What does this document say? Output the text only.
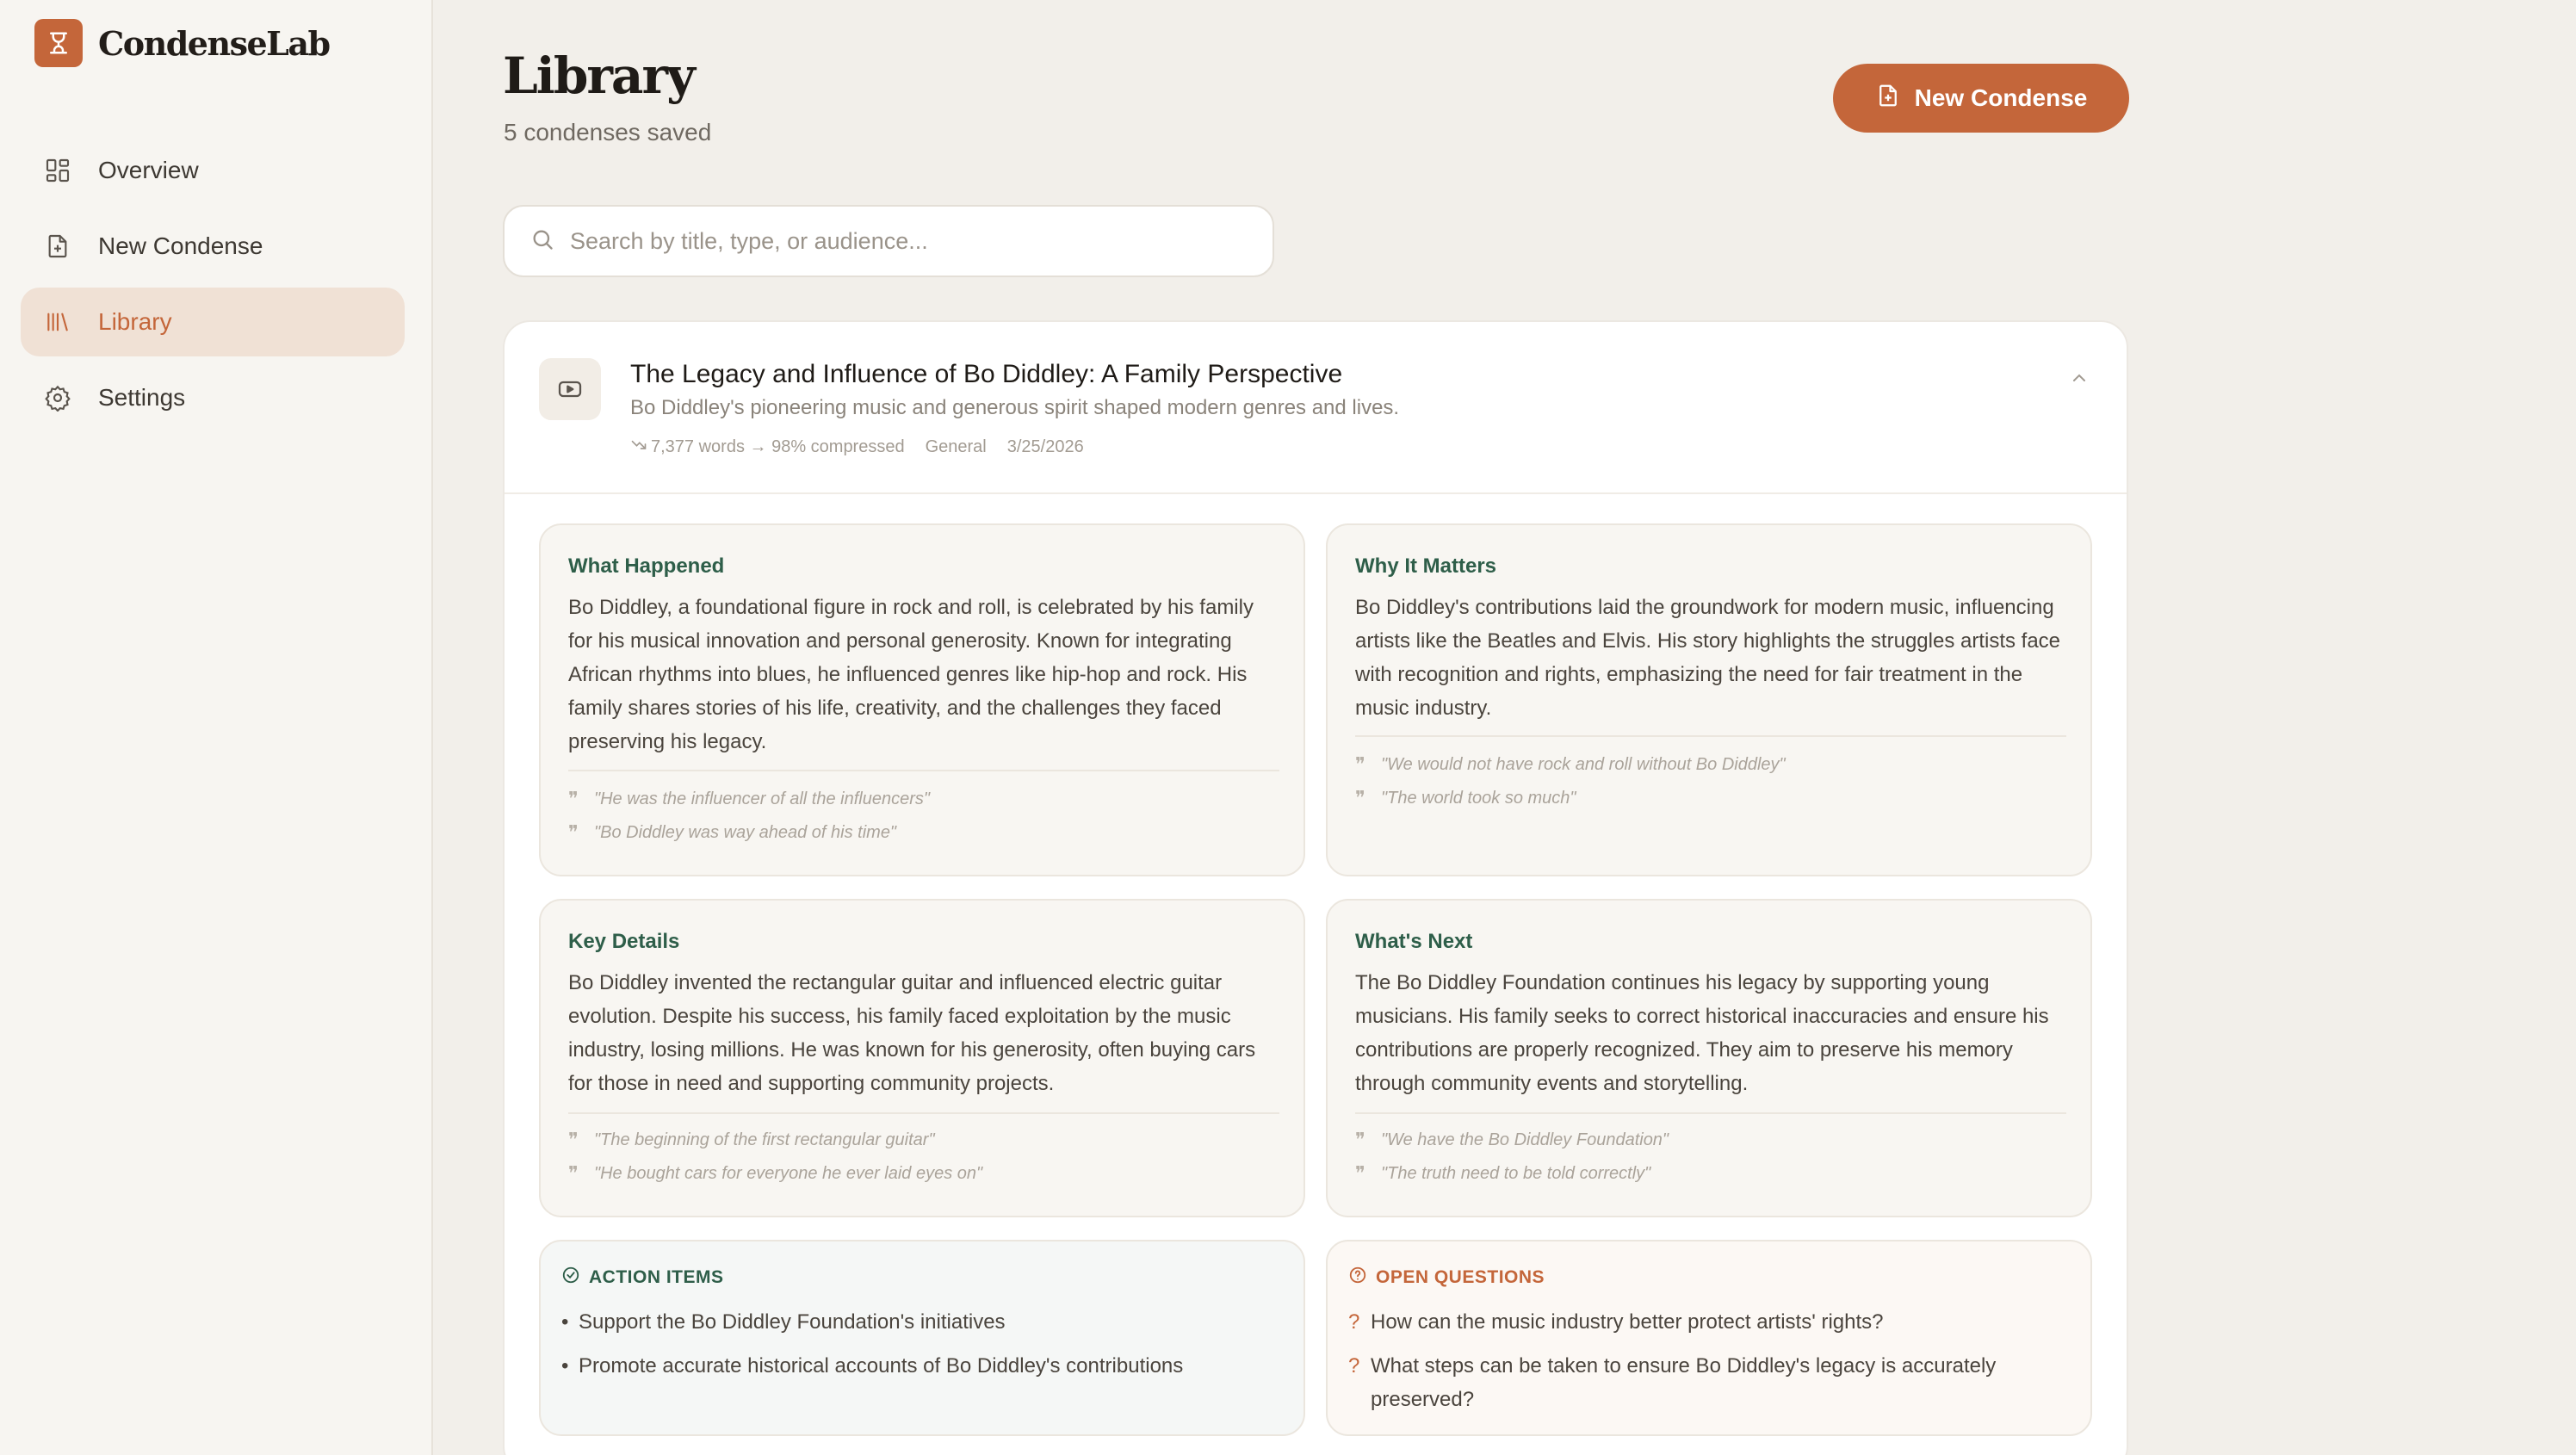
CondenseLab
Overview
New Condense
Library
Settings
Library
5 condenses saved
New Condense
Search by title, type, or audience...
The Legacy and Influence of Bo Diddley: A Family Perspective
Bo Diddley's pioneering music and generous spirit shaped modern genres and lives.
7,377 words → 98% compressed General 3/25/2026
What Happened
Bo Diddley, a foundational figure in rock and roll, is celebrated by his family for his musical innovation and personal generosity. Known for integrating African rhythms into blues, he influenced genres like hip-hop and rock. His family shares stories of his life, creativity, and the challenges they faced preserving his legacy.
❞ "He was the influencer of all the influencers"
❞ "Bo Diddley was way ahead of his time"
Why It Matters
Bo Diddley's contributions laid the groundwork for modern music, influencing artists like the Beatles and Elvis. His story highlights the struggles artists face with recognition and rights, emphasizing the need for fair treatment in the music industry.
❞ "We would not have rock and roll without Bo Diddley"
❞ "The world took so much"
Key Details
Bo Diddley invented the rectangular guitar and influenced electric guitar evolution. Despite his success, his family faced exploitation by the music industry, losing millions. He was known for his generosity, often buying cars for those in need and supporting community projects.
❞ "The beginning of the first rectangular guitar"
❞ "He bought cars for everyone he ever laid eyes on"
What's Next
The Bo Diddley Foundation continues his legacy by supporting young musicians. His family seeks to correct historical inaccuracies and ensure his contributions are properly recognized. They aim to preserve his memory through community events and storytelling.
❞ "We have the Bo Diddley Foundation"
❞ "The truth need to be told correctly"
ACTION ITEMS
• Support the Bo Diddley Foundation's initiatives
• Promote accurate historical accounts of Bo Diddley's contributions
OPEN QUESTIONS
? How can the music industry better protect artists' rights?
? What steps can be taken to ensure Bo Diddley's legacy is accurately preserved?
